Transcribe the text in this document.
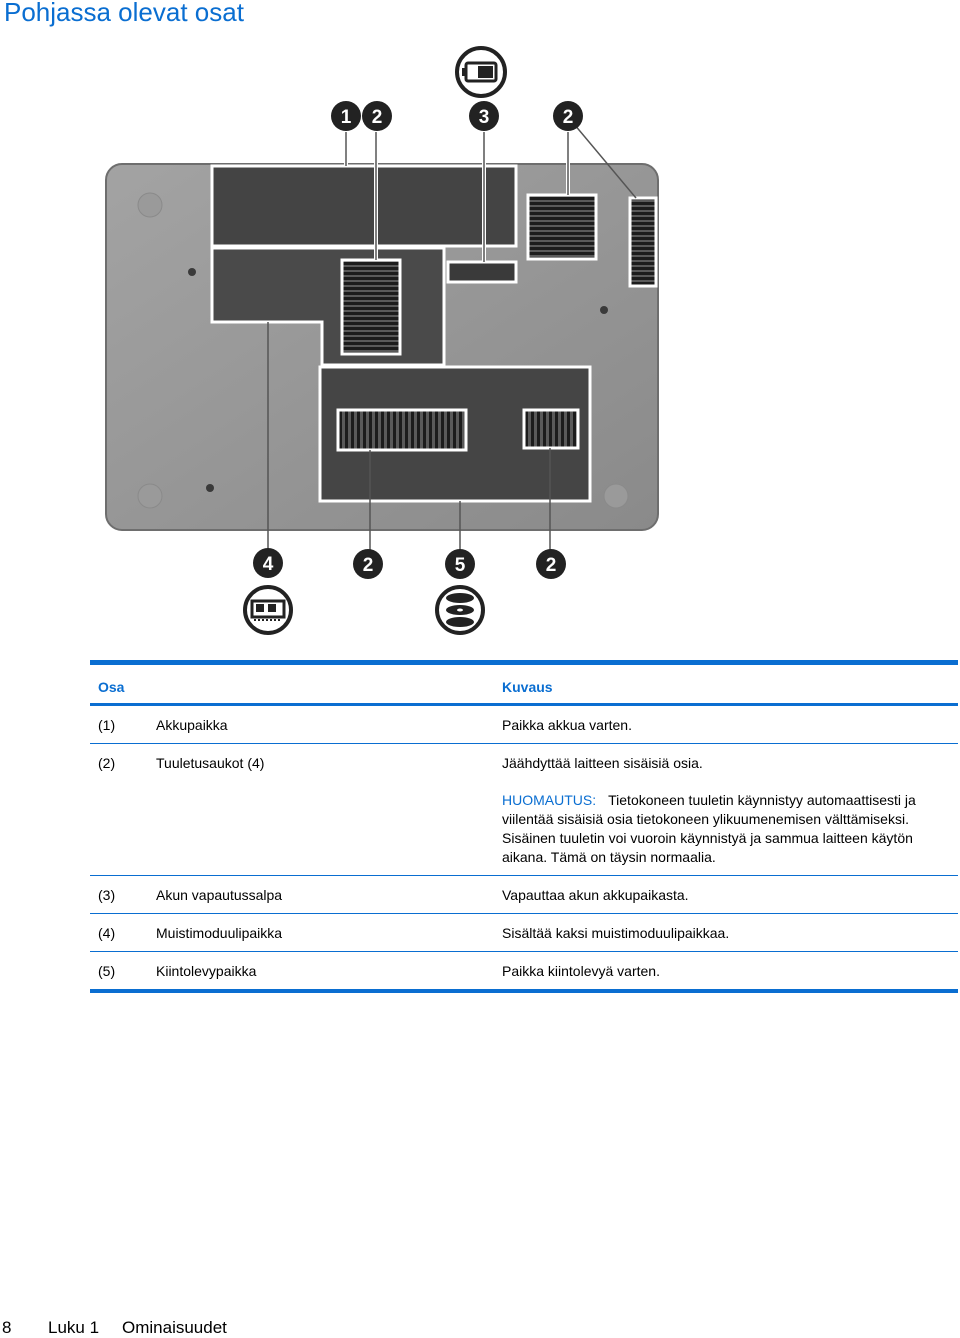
Pohjassa olevat osat
1 2	3	2
4	2	5	2
Osa		Kuvaus
(1)	Akkupaikka	Paikka akkua varten.
(2)	Tuuletusaukot (4)	Jäähdyttää laitteen sisäisiä osia.
HUOMAUTUS: Tietokoneen tuuletin käynnistyy automaattisesti ja viilentää sisäisiä osia tietokoneen ylikuumenemisen välttämiseksi. Sisäinen tuuletin voi vuoroin käynnistyä ja sammua laitteen käytön aikana. Tämä on täysin normaalia.

(3)	Akun vapautussalpa	Vapauttaa akun akkupaikasta.
(4)	Muistimoduulipaikka	Sisältää kaksi muistimoduulipaikkaa.
(5)	Kiintolevypaikka	Paikka kiintolevyä varten.
8 Luku 1 Ominaisuudet
